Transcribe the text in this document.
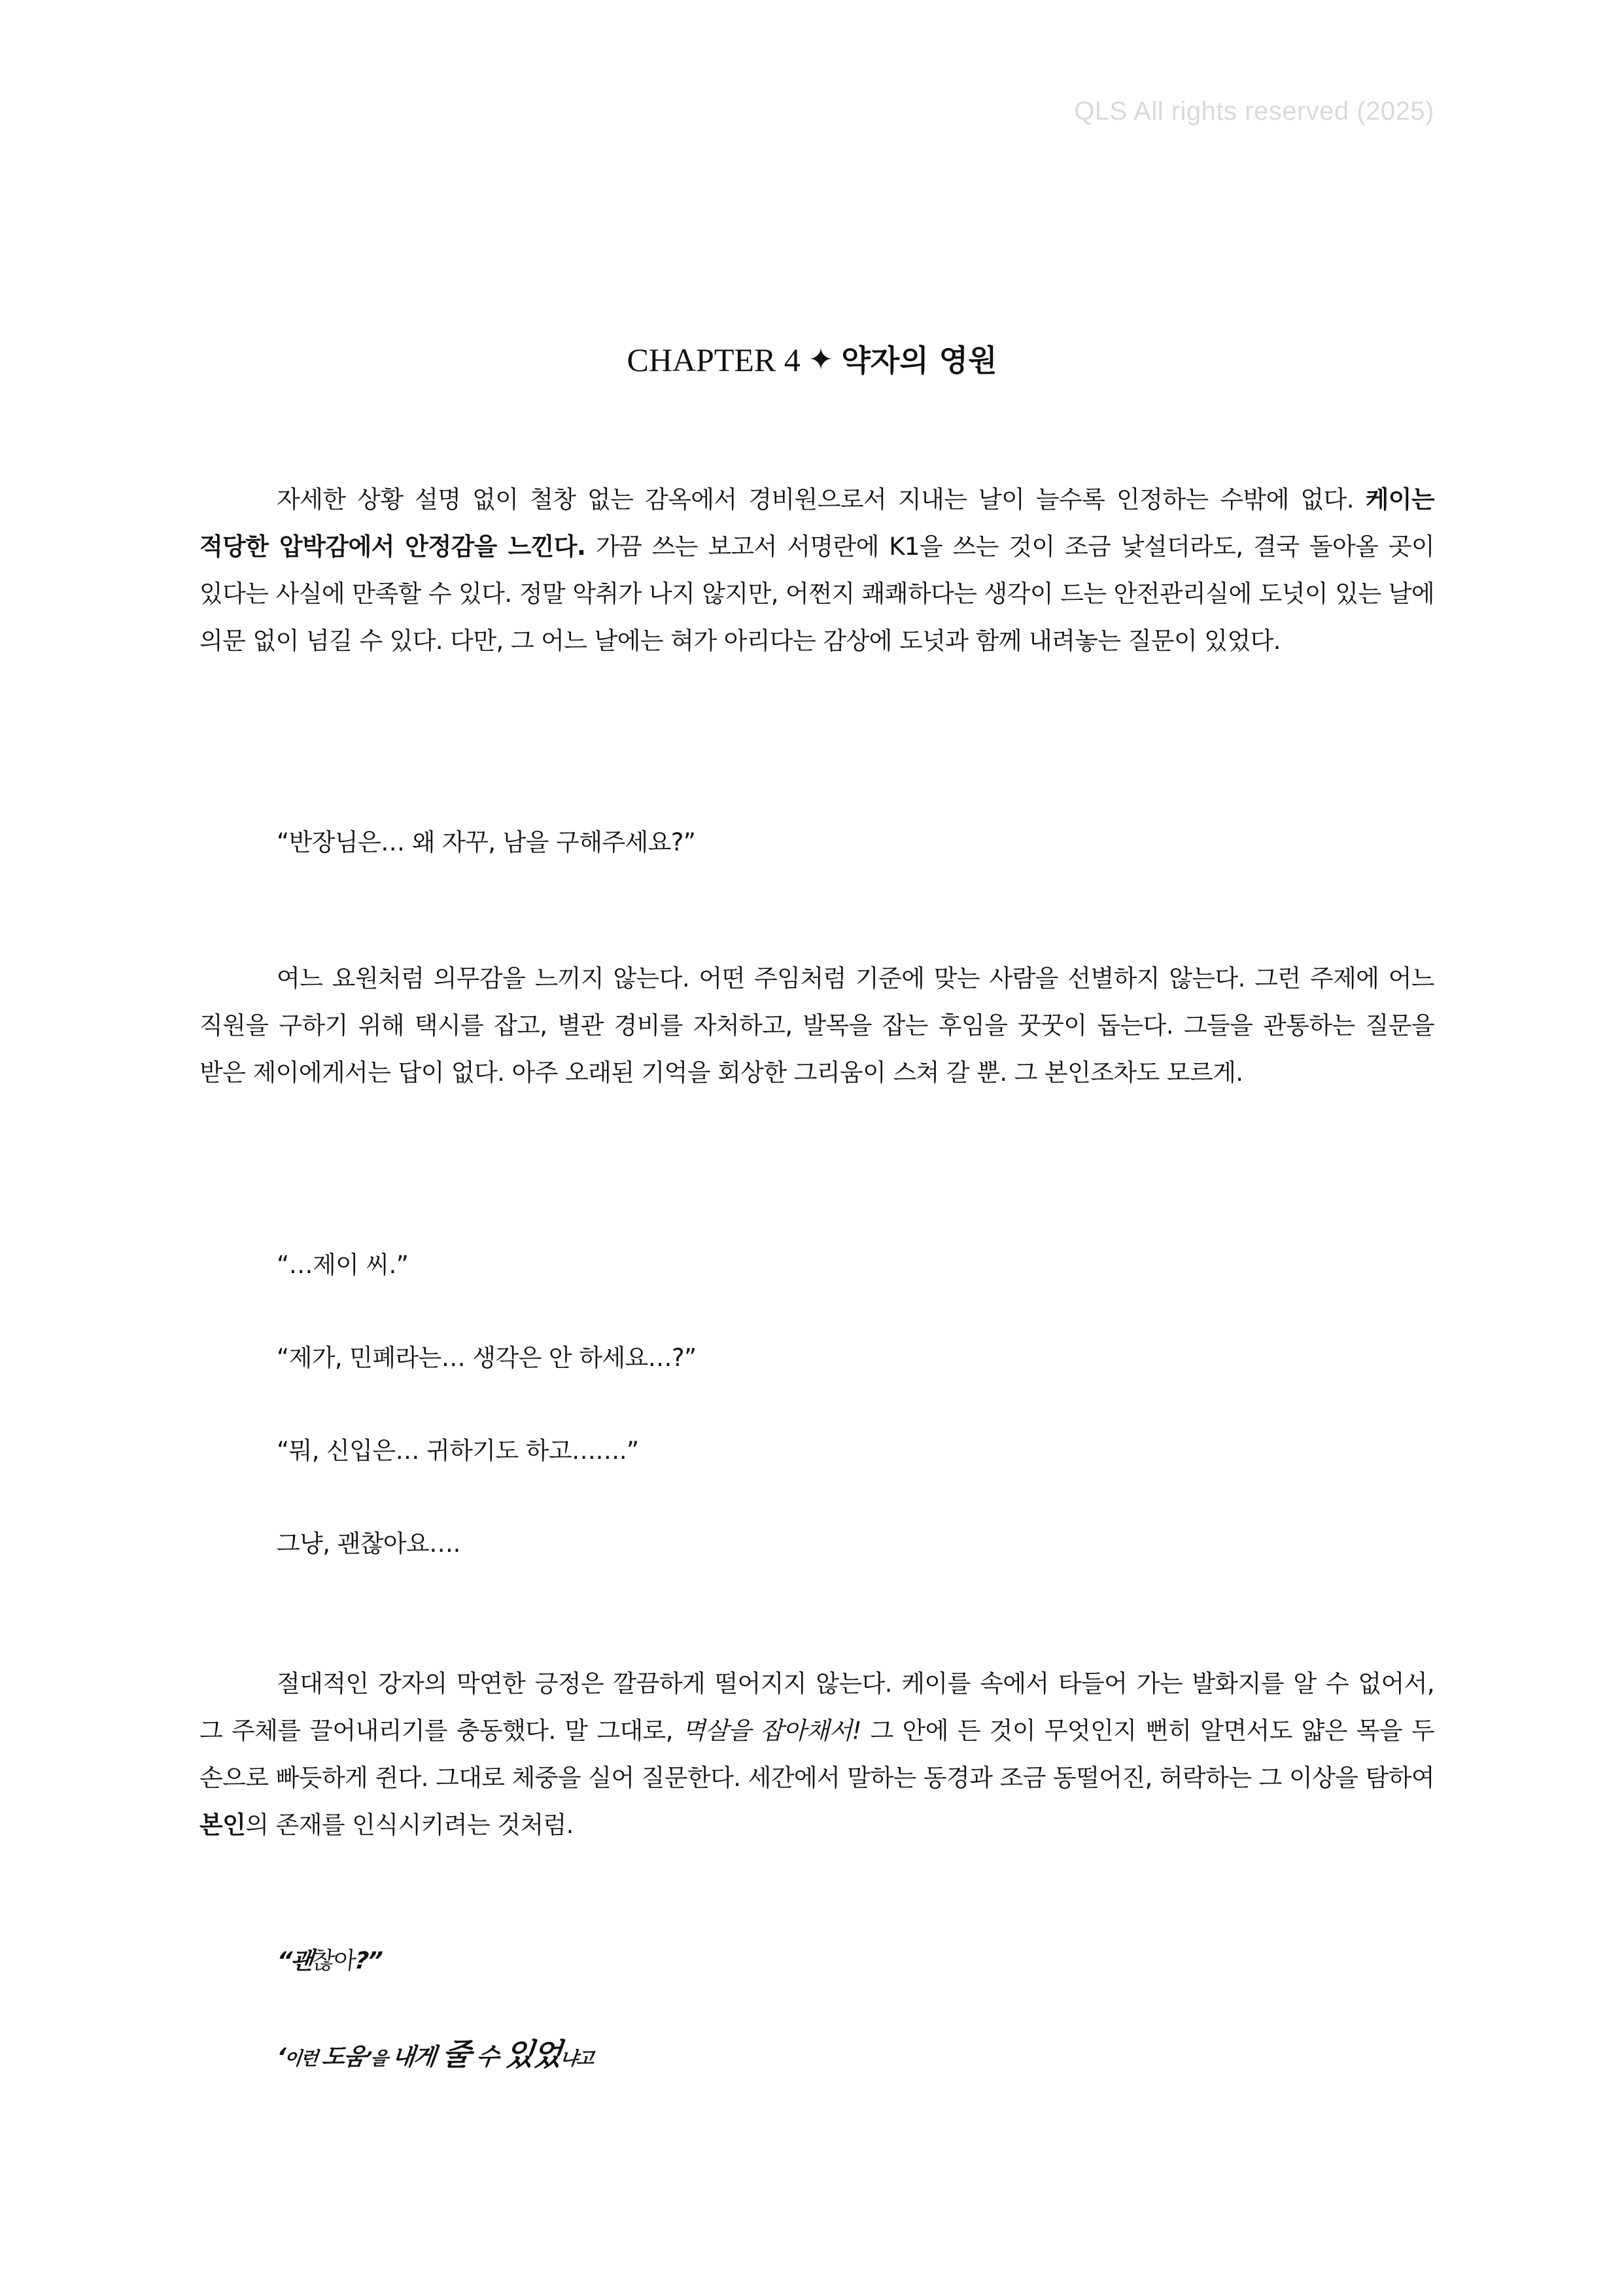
QLS All rights reserved (2025)
CHAPTER 4 ✦ 약자의 영원

자세한 상황 설명 없이 철창 없는 감옥에서 경비원으로서 지내는 날이 늘수록 인정하는 수밖에 없다. 케이는 적당한 압박감에서 안정감을 느낀다. 가끔 쓰는 보고서 서명란에 K1을 쓰는 것이 조금 낯설더라도, 결국 돌아올 곳이 있다는 사실에 만족할 수 있다. 정말 악취가 나지 않지만, 어쩐지 쾌쾌하다는 생각이 드는 안전관리실에 도넛이 있는 날에 의문 없이 넘길 수 있다. 다만, 그 어느 날에는 혀가 아리다는 감상에 도넛과 함께 내려놓는 질문이 있었다.

“반장님은… 왜 자꾸, 남을 구해주세요?”

여느 요원처럼 의무감을 느끼지 않는다. 어떤 주임처럼 기준에 맞는 사람을 선별하지 않는다. 그런 주제에 어느 직원을 구하기 위해 택시를 잡고, 별관 경비를 자처하고, 발목을 잡는 후임을 꿋꿋이 돕는다. 그들을 관통하는 질문을 받은 제이에게서는 답이 없다. 아주 오래된 기억을 회상한 그리움이 스쳐 갈 뿐. 그 본인조차도 모르게.

“…제이 씨.”

“제가, 민폐라는… 생각은 안 하세요…?”

“뭐, 신입은… 귀하기도 하고…….”

그냥, 괜찮아요….

절대적인 강자의 막연한 긍정은 깔끔하게 떨어지지 않는다. 케이를 속에서 타들어 가는 발화지를 알 수 없어서, 그 주체를 끌어내리기를 충동했다. 말 그대로, 멱살을 잡아채서! 그 안에 든 것이 무엇인지 뻔히 알면서도 얇은 목을 두 손으로 빠듯하게 쥔다. 그대로 체중을 실어 질문한다. 세간에서 말하는 동경과 조금 동떨어진, 허락하는 그 이상을 탐하여 본인의 존재를 인식시키려는 것처럼.

“괜찮아?”

‘이런 도움’을 내게 줄 수 있었냐고
